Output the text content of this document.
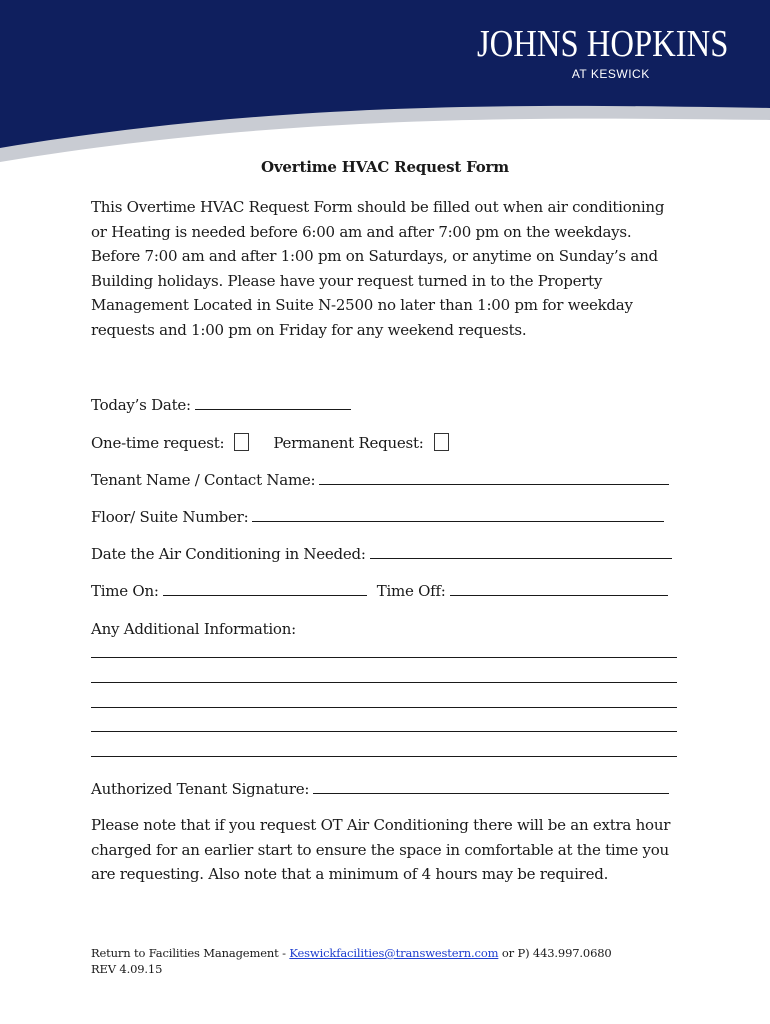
JOHNS HOPKINS
AT KESWICK
Overtime HVAC Request Form
This Overtime HVAC Request Form should be filled out when air conditioning
or Heating is needed before 6:00 am and after 7:00 pm on the weekdays.
Before 7:00 am and after 1:00 pm on Saturdays, or anytime on Sunday’s and
Building holidays. Please have your request turned in to the Property
Management Located in Suite N-2500 no later than 1:00 pm for weekday
requests and 1:00 pm on Friday for any weekend requests.
Today’s Date:
One-time request:	Permanent Request:
Tenant Name / Contact Name:
Floor/ Suite Number:
Date the Air Conditioning in Needed:
Time On:	Time Off:
Any Additional Information:
Authorized Tenant Signature:
Please note that if you request OT Air Conditioning there will be an extra hour
charged for an earlier start to ensure the space in comfortable at the time you
are requesting. Also note that a minimum of 4 hours may be required.
Return to Facilities Management - Keswickfacilities@transwestern.com or P) 443.997.0680
REV 4.09.15
